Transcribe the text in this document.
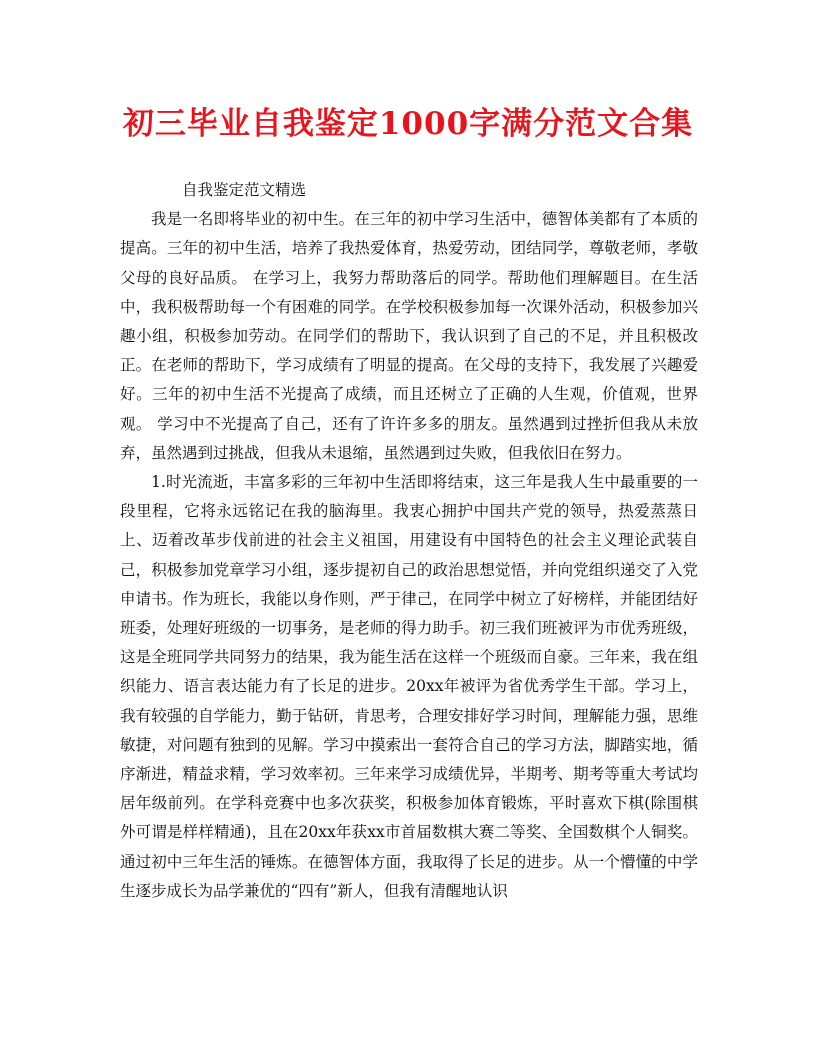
初三毕业自我鉴定1000字满分范文合集

自我鉴定范文精选

我是一名即将毕业的初中生。在三年的初中学习生活中，德智体美都有了本质的提高。三年的初中生活，培养了我热爱体育，热爱劳动，团结同学，尊敬老师，孝敬父母的良好品质。 在学习上，我努力帮助落后的同学。帮助他们理解题目。在生活中，我积极帮助每一个有困难的同学。在学校积极参加每一次课外活动，积极参加兴趣小组，积极参加劳动。在同学们的帮助下，我认识到了自己的不足，并且积极改正。在老师的帮助下，学习成绩有了明显的提高。在父母的支持下，我发展了兴趣爱好。三年的初中生活不光提高了成绩，而且还树立了正确的人生观，价值观，世界观。 学习中不光提高了自己，还有了许许多多的朋友。虽然遇到过挫折但我从未放弃，虽然遇到过挑战，但我从未退缩，虽然遇到过失败，但我依旧在努力。

1.时光流逝，丰富多彩的三年初中生活即将结束，这三年是我人生中最重要的一段里程，它将永远铭记在我的脑海里。我衷心拥护中国共产党的领导，热爱蒸蒸日上、迈着改革步伐前进的社会主义祖国，用建设有中国特色的社会主义理论武装自己，积极参加党章学习小组，逐步提初自己的政治思想觉悟，并向党组织递交了入党申请书。作为班长，我能以身作则，严于律己，在同学中树立了好榜样，并能团结好班委，处理好班级的一切事务，是老师的得力助手。初三我们班被评为市优秀班级，这是全班同学共同努力的结果，我为能生活在这样一个班级而自豪。三年来，我在组织能力、语言表达能力有了长足的进步。20xx年被评为省优秀学生干部。学习上，我有较强的自学能力，勤于钻研，肯思考，合理安排好学习时间，理解能力强，思维敏捷，对问题有独到的见解。学习中摸索出一套符合自己的学习方法，脚踏实地，循序渐进，精益求精，学习效率初。三年来学习成绩优异，半期考、期考等重大考试均居年级前列。在学科竞赛中也多次获奖，积极参加体育锻炼，平时喜欢下棋(除围棋外可谓是样样精通)，且在20xx年获xx市首届数棋大赛二等奖、全国数棋个人铜奖。通过初中三年生活的锤炼。在德智体方面，我取得了长足的进步。从一个懵懂的中学生逐步成长为品学兼优的“四有”新人，但我有清醒地认识
